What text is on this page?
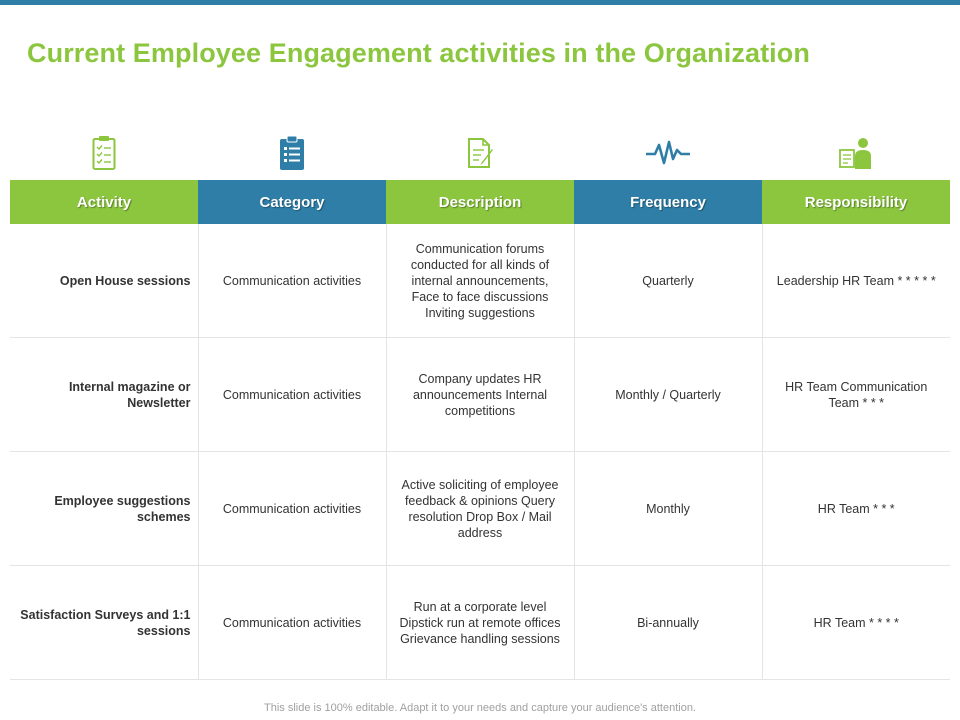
Current Employee Engagement activities in the Organization
Activity	Category	Description	Frequency	Responsibility
Open House sessions	Communication activities	Communication forums conducted for all kinds of internal announcements, Face to face discussions Inviting suggestions	Quarterly	Leadership HR Team * * * * *
Internal magazine or Newsletter	Communication activities	Company updates HR announcements Internal competitions	Monthly / Quarterly	HR Team Communication Team * * *
Employee suggestions schemes	Communication activities	Active soliciting of employee feedback & opinions Query resolution Drop Box / Mail address	Monthly	HR Team * * *
Satisfaction Surveys and 1:1 sessions	Communication activities	Run at a corporate level Dipstick run at remote offices Grievance handling sessions	Bi-annually	HR Team * * * *
This slide is 100% editable. Adapt it to your needs and capture your audience's attention.
